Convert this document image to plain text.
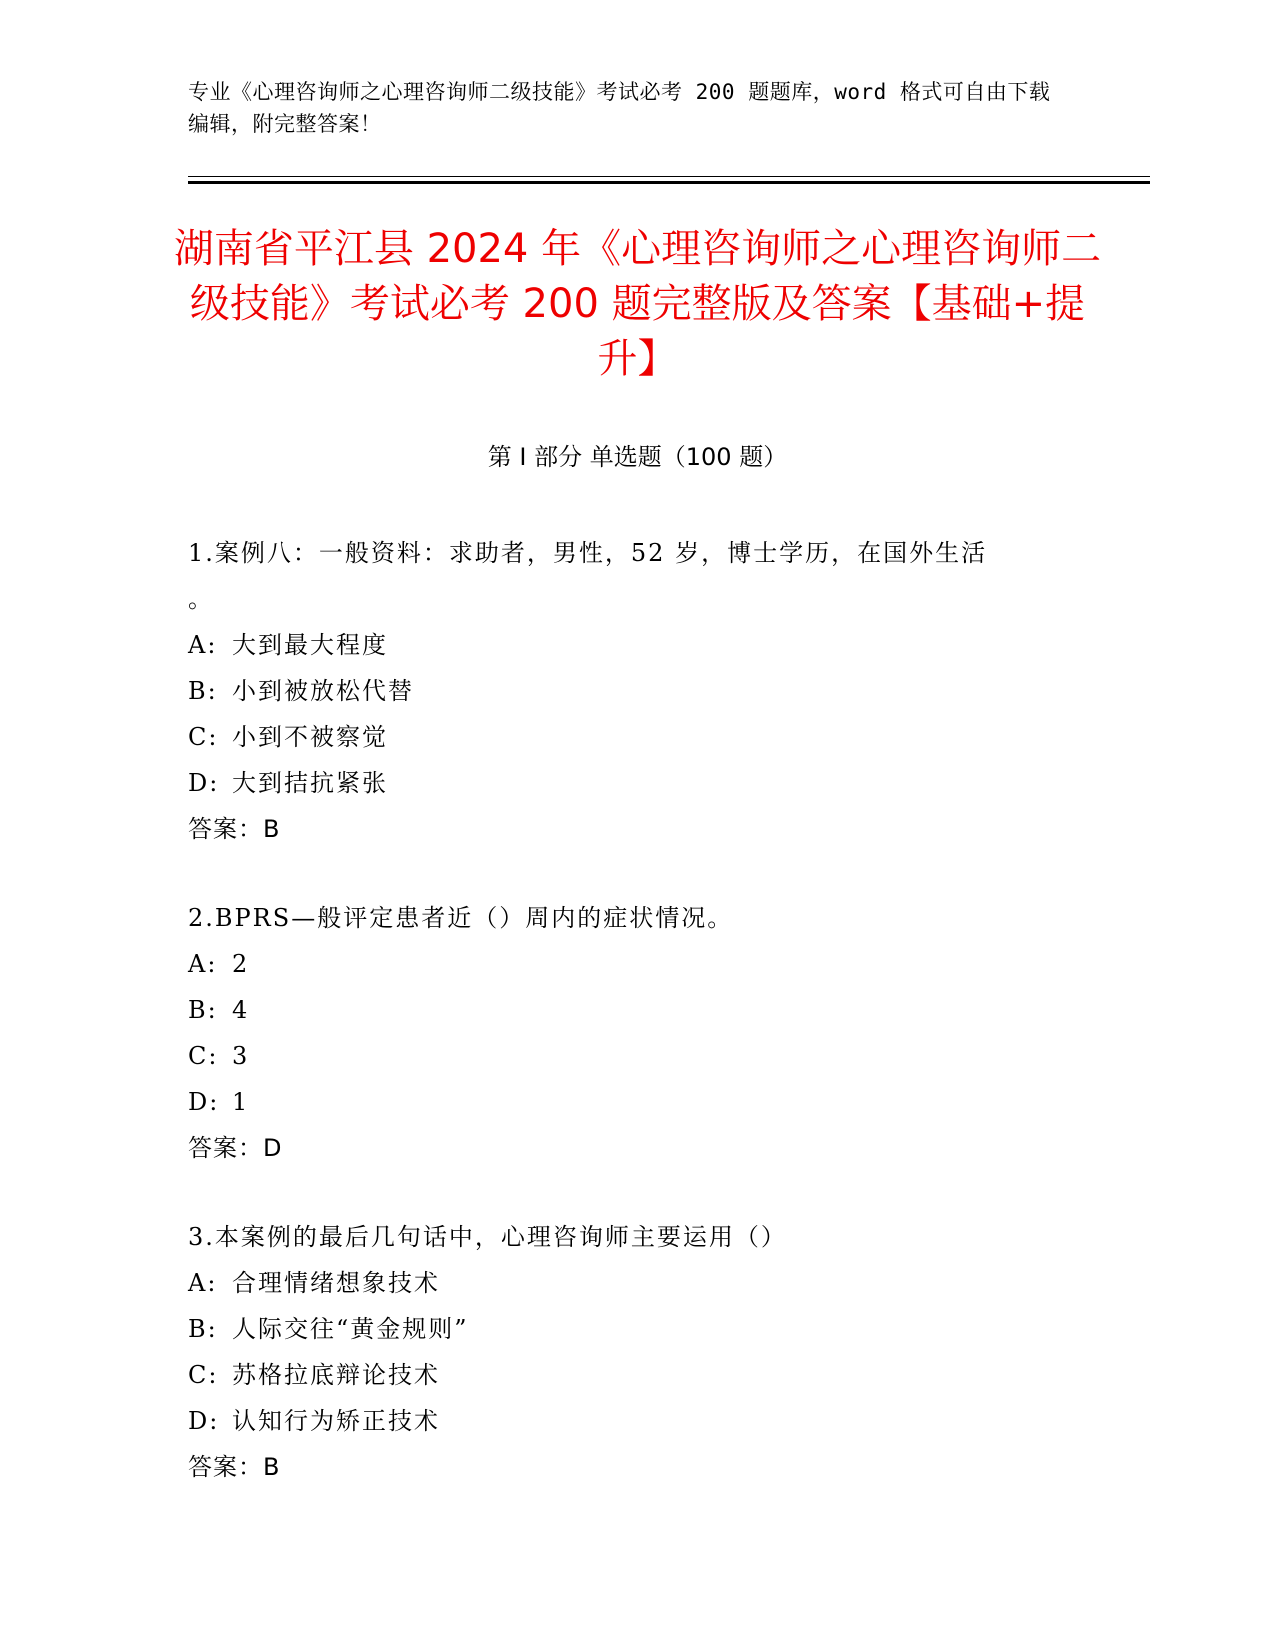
专业《心理咨询师之心理咨询师二级技能》考试必考 200 题题库，word 格式可自由下载编辑，附完整答案！
湖南省平江县 2024 年《心理咨询师之心理咨询师二级技能》考试必考 200 题完整版及答案【基础+提升】
第 I 部分 单选题（100 题）
1.案例八：一般资料：求助者，男性，52 岁，博士学历，在国外生活
。
A: 大到最大程度
B: 小到被放松代替
C: 小到不被察觉
D: 大到拮抗紧张
答案：B
2.BPRS—般评定患者近（）周内的症状情况。
A: 2
B: 4
C: 3
D: 1
答案：D
3.本案例的最后几句话中，心理咨询师主要运用（）
A: 合理情绪想象技术
B: 人际交往“黄金规则”
C: 苏格拉底辩论技术
D: 认知行为矫正技术
答案：B
